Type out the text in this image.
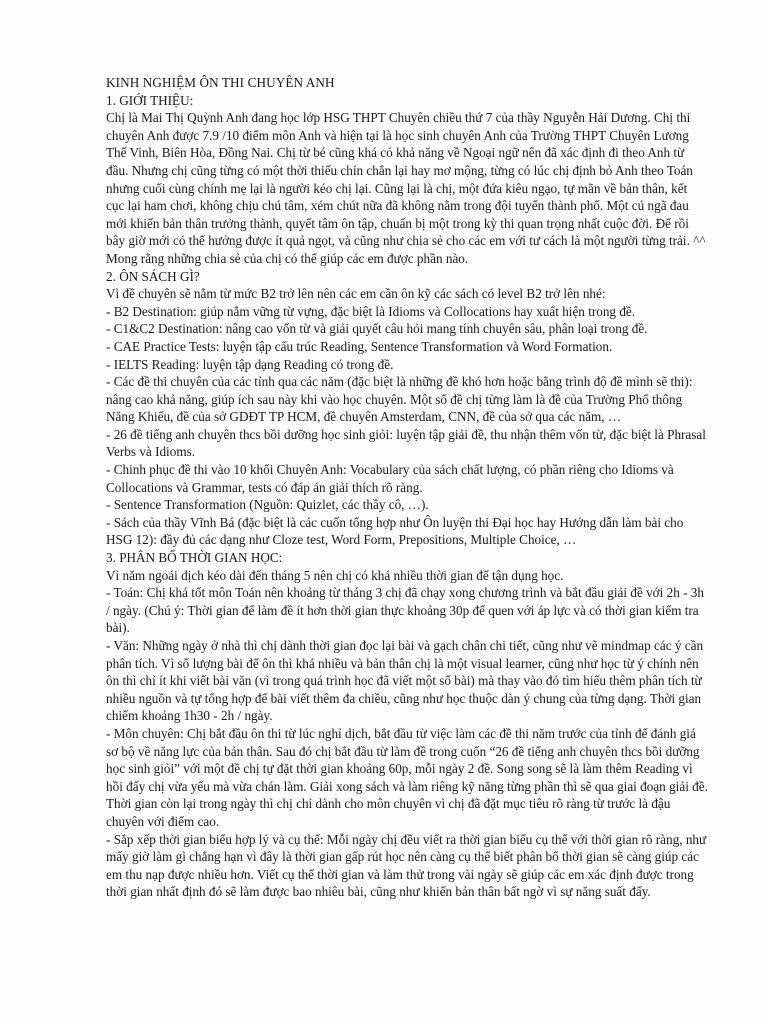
KINH NGHIỆM ÔN THI CHUYÊN ANH

1. GIỚI THIỆU:

Chị là Mai Thị Quỳnh Anh đang học lớp HSG THPT Chuyên chiều thứ 7 của thầy Nguyễn Hải Dương. Chị thi chuyên Anh được 7.9 /10 điểm môn Anh và hiện tại là học sinh chuyên Anh của Trường THPT Chuyên Lương Thế Vinh, Biên Hòa, Đồng Nai. Chị từ bé cũng khá có khả năng về Ngoại ngữ nên đã xác định đi theo Anh từ đầu. Nhưng chị cũng từng có một thời thiếu chín chắn lại hay mơ mộng, từng có lúc chị định bỏ Anh theo Toán nhưng cuối cùng chính mẹ lại là người kéo chị lại. Cũng lại là chị, một đứa kiêu ngạo, tự mãn về bản thân, kết cục lại ham chơi, không chịu chú tâm, xém chút nữa đã không nằm trong đội tuyển thành phố. Một cú ngã đau mới khiến bản thân trưởng thành, quyết tâm ôn tập, chuẩn bị một trong kỳ thi quan trọng nhất cuộc đời. Để rồi bây giờ mới có thể hưởng được ít quả ngọt, và cũng như chia sẻ cho các em với tư cách là một người từng trải. ^^ Mong rằng những chia sẻ của chị có thể giúp các em được phần nào.

2. ÔN SÁCH GÌ?

Vì đề chuyên sẽ nằm từ mức B2 trở lên nên các em cần ôn kỹ các sách có level B2 trở lên nhé:

- B2 Destination: giúp nắm vững từ vựng, đặc biệt là Idioms và Collocations hay xuất hiện trong đề.

- C1&C2 Destination: nâng cao vốn từ và giải quyết câu hỏi mang tính chuyên sâu, phân loại trong đề.

- CAE Practice Tests: luyện tập cấu trúc Reading, Sentence Transformation và Word Formation.

- IELTS Reading: luyện tập dạng Reading có trong đề.

- Các đề thi chuyên của các tỉnh qua các năm (đặc biệt là những đề khó hơn hoặc bằng trình độ đề mình sẽ thi): nâng cao khả năng, giúp ích sau này khi vào học chuyên. Một số đề chị từng làm là đề của Trường Phổ thông Năng Khiếu, đề của sở GDĐT TP HCM, đề chuyên Amsterdam, CNN, đề của sở qua các năm, …

- 26 đề tiếng anh chuyên thcs bồi dưỡng học sinh giỏi: luyện tập giải đề, thu nhận thêm vốn từ, đặc biệt là Phrasal Verbs và Idioms.

- Chinh phục đề thi vào 10 khối Chuyên Anh: Vocabulary của sách chất lượng, có phần riêng cho Idioms và Collocations và Grammar, tests có đáp án giải thích rõ ràng.

- Sentence Transformation (Nguồn: Quizlet, các thầy cô, …).

- Sách của thầy Vĩnh Bá (đặc biệt là các cuốn tổng hợp như Ôn luyện thi Đại học hay Hướng dẫn làm bài cho HSG 12): đầy đủ các dạng như Cloze test, Word Form, Prepositions, Multiple Choice, …

3. PHÂN BỔ THỜI GIAN HỌC:

Vì năm ngoái dịch kéo dài đến tháng 5 nên chị có khá nhiều thời gian để tận dụng học.

- Toán: Chị khá tốt môn Toán nên khoảng từ tháng 3 chị đã chạy xong chương trình và bắt đầu giải đề với 2h - 3h / ngày. (Chú ý: Thời gian để làm đề ít hơn thời gian thực khoảng 30p để quen với áp lực và có thời gian kiểm tra bài).

- Văn: Những ngày ở nhà thì chị dành thời gian đọc lại bài và gạch chân chi tiết, cũng như vẽ mindmap các ý cần phân tích. Vì số lượng bài để ôn thì khá nhiều và bản thân chị là một visual learner, cũng như học từ ý chính nên ôn thì chỉ ít khi viết bài văn (vì trong quá trình học đã viết một số bài) mà thay vào đó tìm hiểu thêm phân tích từ nhiều nguồn và tự tổng hợp để bài viết thêm đa chiều, cũng như học thuộc dàn ý chung của từng dạng. Thời gian chiếm khoảng 1h30 - 2h / ngày.

- Môn chuyên: Chị bắt đầu ôn thi từ lúc nghỉ dịch, bắt đầu từ việc làm các đề thi năm trước của tỉnh để đánh giá sơ bộ về năng lực của bản thân. Sau đó chị bắt đầu từ làm đề trong cuốn “26 đề tiếng anh chuyên thcs bồi dưỡng học sinh giỏi” với một đề chị tự đặt thời gian khoảng 60p, mỗi ngày 2 đề. Song song sẽ là làm thêm Reading vì hồi đấy chị vừa yếu mà vừa chán làm. Giải xong sách và làm riêng kỹ năng từng phần thì sẽ qua giai đoạn giải đề. Thời gian còn lại trong ngày thì chị chỉ dành cho môn chuyên vì chị đã đặt mục tiêu rõ ràng từ trước là đậu chuyên với điểm cao.

- Sắp xếp thời gian biểu hợp lý và cụ thể: Mỗi ngày chị đều viết ra thời gian biểu cụ thể với thời gian rõ ràng, như mấy giờ làm gì chẳng hạn vì đây là thời gian gấp rút học nên càng cụ thể biết phân bổ thời gian sẽ càng giúp các em thu nạp được nhiều hơn. Viết cụ thể thời gian và làm thử trong vài ngày sẽ giúp các em xác định được trong thời gian nhất định đó sẽ làm được bao nhiêu bài, cũng như khiến bản thân bất ngờ vì sự năng suất đấy.
